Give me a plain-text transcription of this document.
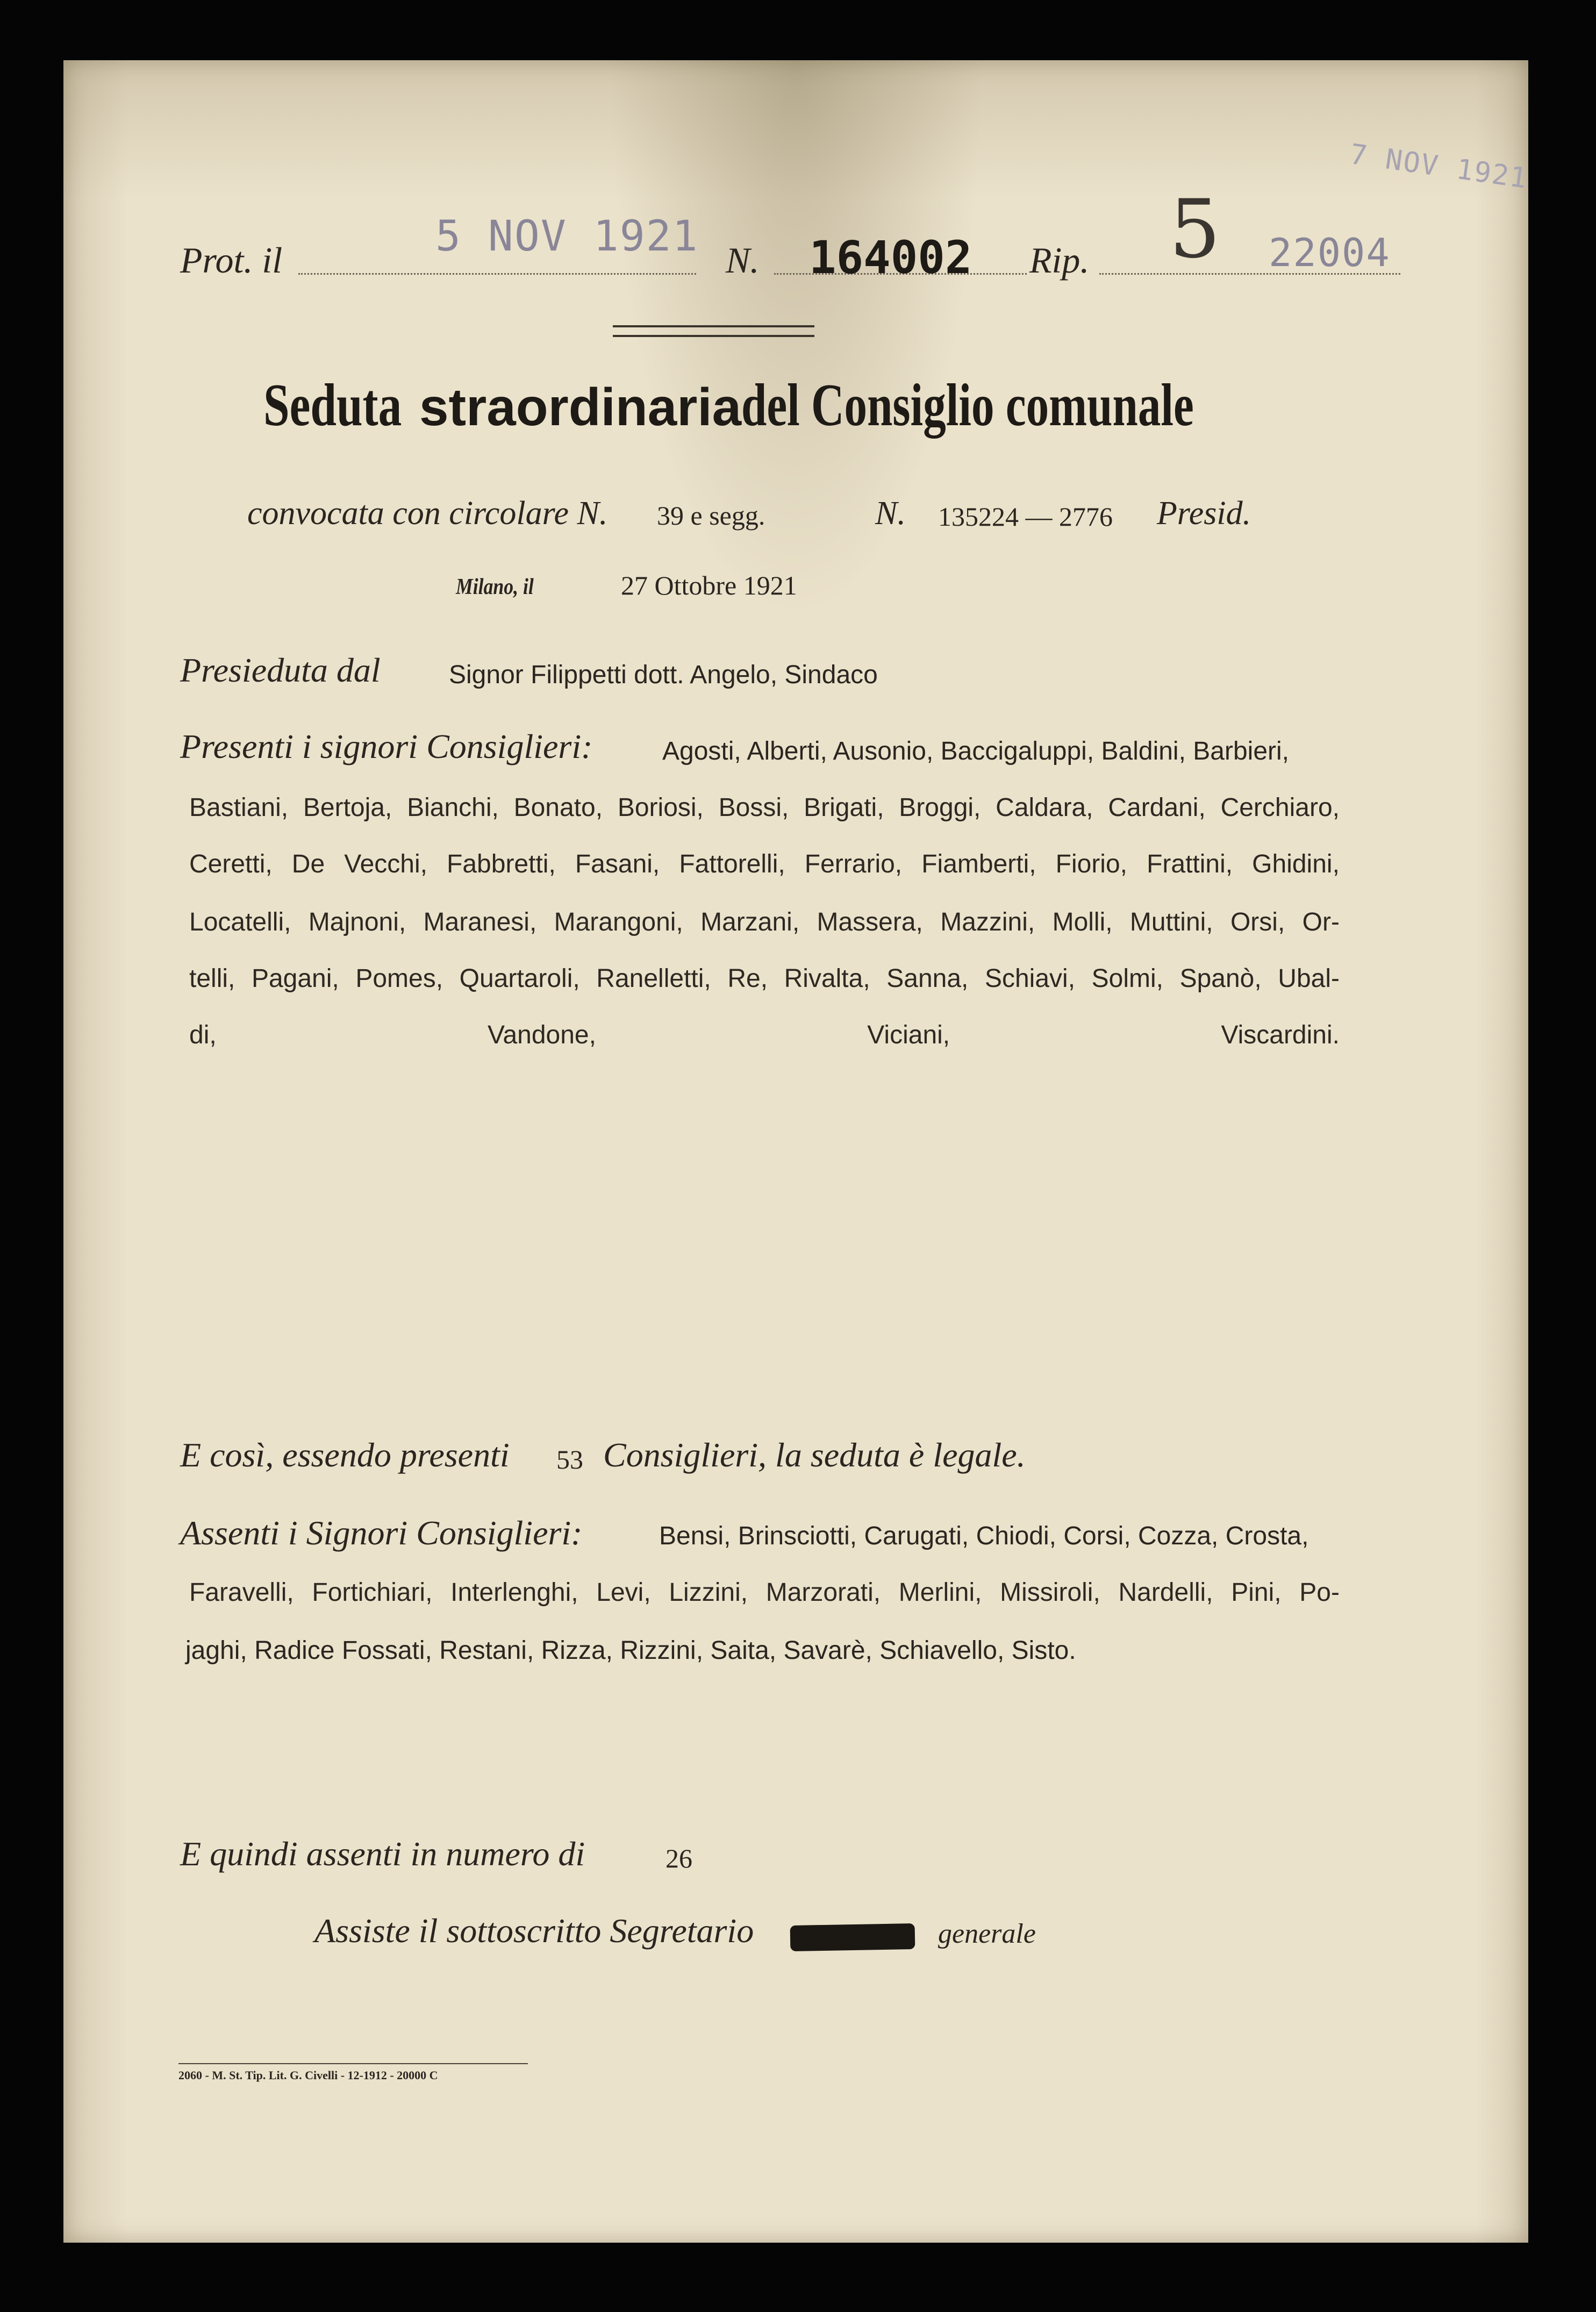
7 NOV 1921
Prot. il	5 NOV 1921 N. 164002 Rip. 5 22004
Seduta straordinaria del Consiglio comunale
convocata con circolare N. 39 e segg.	N. 135224 — 2776 Presid.
Milano, il	27 Ottobre 1921
Presieduta dal	Signor Filippetti dott. Angelo, Sindaco
Presenti i signori Consiglieri:	Agosti, Alberti, Ausonio, Baccigaluppi, Baldini, Barbieri,
Bastiani, Bertoja, Bianchi, Bonato, Boriosi, Bossi, Brigati, Broggi, Caldara, Cardani, Cerchiaro,
Ceretti, De Vecchi, Fabbretti, Fasani, Fattorelli, Ferrario, Fiamberti, Fiorio, Frattini, Ghidini,
Locatelli, Majnoni, Maranesi, Marangoni, Marzani, Massera, Mazzini, Molli, Muttini, Orsi, Or-
telli, Pagani, Pomes, Quartaroli, Ranelletti, Re, Rivalta, Sanna, Schiavi, Solmi, Spanò, Ubal-
di,	Vandone,	Viciani,	Viscardini.
E così, essendo presenti 53 Consiglieri, la seduta è legale.
Assenti i Signori Consiglieri:	Bensi, Brinsciotti, Carugati, Chiodi, Corsi, Cozza, Crosta,
Faravelli, Fortichiari, Interlenghi, Levi, Lizzini, Marzorati, Merlini, Missiroli, Nardelli, Pini, Po-
jaghi, Radice Fossati, Restani, Rizza, Rizzini, Saita, Savarè, Schiavello, Sisto.
E quindi assenti in numero di	26
Assiste il sottoscritto Segretario	generale
2060 - M. St. Tip. Lit. G. Civelli - 12-1912 - 20000 C
